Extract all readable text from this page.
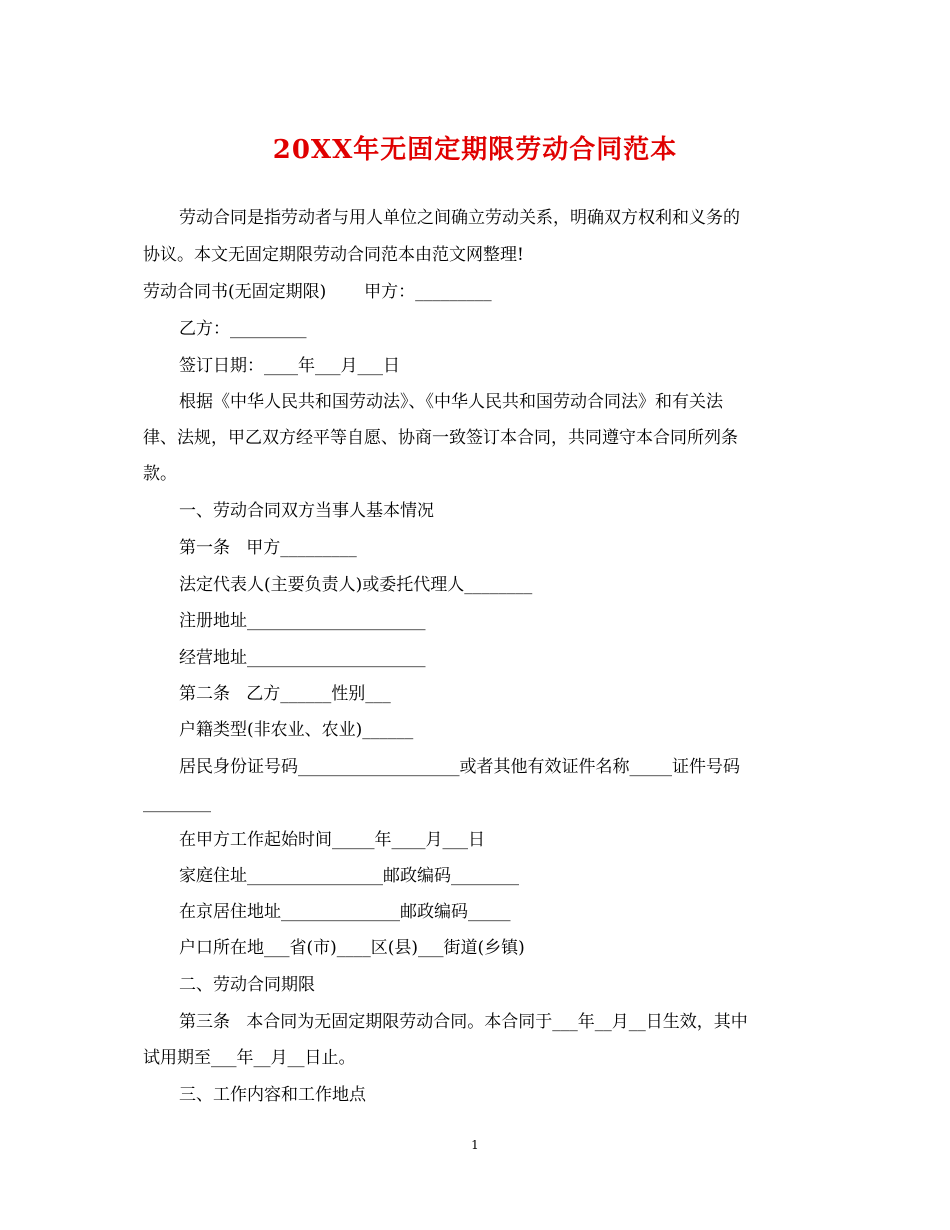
20XX年无固定期限劳动合同范本
劳动合同是指劳动者与用人单位之间确立劳动关系，明确双方权利和义务的
协议。本文无固定期限劳动合同范本由范文网整理!
劳动合同书(无固定期限)       甲方：_________
乙方：_________
签订日期：____年___月___日
根据《中华人民共和国劳动法》、《中华人民共和国劳动合同法》和有关法
律、法规，甲乙双方经平等自愿、协商一致签订本合同，共同遵守本合同所列条
款。
一、劳动合同双方当事人基本情况
第一条   甲方_________
法定代表人(主要负责人)或委托代理人________
注册地址_____________________
经营地址_____________________
第二条   乙方______性别___
户籍类型(非农业、农业)______
居民身份证号码___________________或者其他有效证件名称_____证件号码
________
在甲方工作起始时间_____年____月___日
家庭住址________________邮政编码________
在京居住地址______________邮政编码_____
户口所在地___省(市)____区(县)___街道(乡镇)
二、劳动合同期限
第三条   本合同为无固定期限劳动合同。本合同于___年__月__日生效，其中
试用期至___年__月__日止。
三、工作内容和工作地点
1
